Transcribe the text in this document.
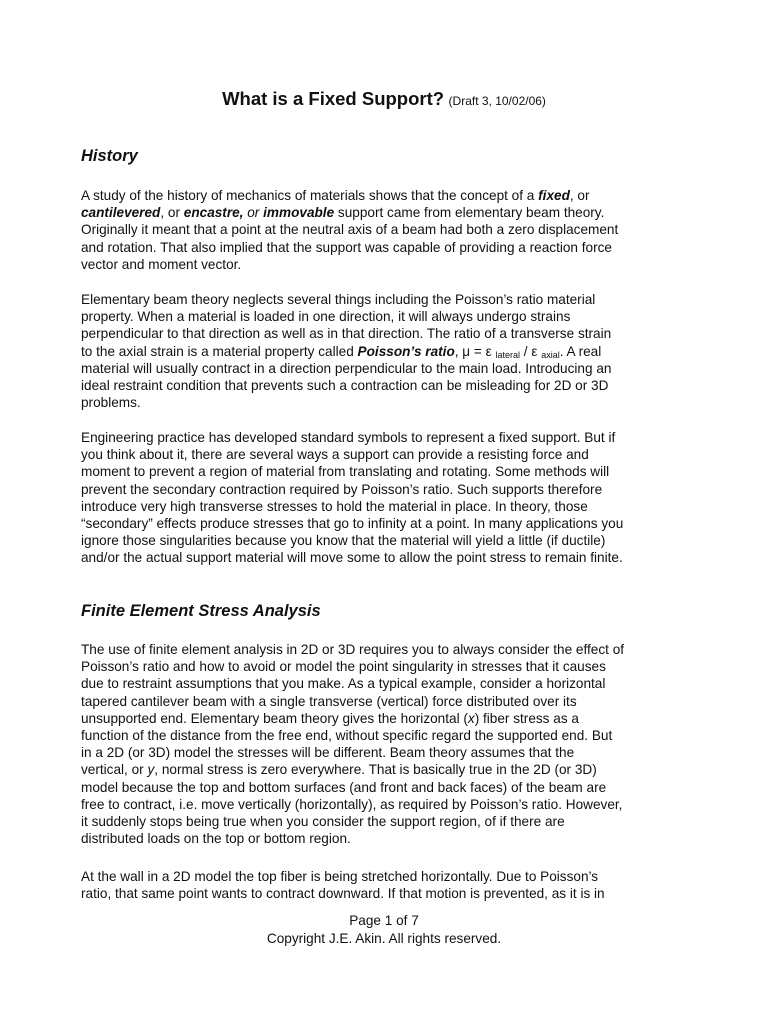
What is a Fixed Support? (Draft 3, 10/02/06)
History
A study of the history of mechanics of materials shows that the concept of a fixed, or
cantilevered, or encastre, or immovable support came from elementary beam theory.
Originally it meant that a point at the neutral axis of a beam had both a zero displacement
and rotation. That also implied that the support was capable of providing a reaction force
vector and moment vector.
Elementary beam theory neglects several things including the Poisson’s ratio material
property. When a material is loaded in one direction, it will always undergo strains
perpendicular to that direction as well as in that direction. The ratio of a transverse strain
to the axial strain is a material property called Poisson’s ratio, μ = ε $_{lateral}$ / ε $_{axial}$. A real
material will usually contract in a direction perpendicular to the main load. Introducing an
ideal restraint condition that prevents such a contraction can be misleading for 2D or 3D
problems.
Engineering practice has developed standard symbols to represent a fixed support. But if
you think about it, there are several ways a support can provide a resisting force and
moment to prevent a region of material from translating and rotating. Some methods will
prevent the secondary contraction required by Poisson’s ratio. Such supports therefore
introduce very high transverse stresses to hold the material in place. In theory, those
“secondary” effects produce stresses that go to infinity at a point. In many applications you
ignore those singularities because you know that the material will yield a little (if ductile)
and/or the actual support material will move some to allow the point stress to remain finite.
Finite Element Stress Analysis
The use of finite element analysis in 2D or 3D requires you to always consider the effect of
Poisson’s ratio and how to avoid or model the point singularity in stresses that it causes
due to restraint assumptions that you make. As a typical example, consider a horizontal
tapered cantilever beam with a single transverse (vertical) force distributed over its
unsupported end. Elementary beam theory gives the horizontal (x) fiber stress as a
function of the distance from the free end, without specific regard the supported end. But
in a 2D (or 3D) model the stresses will be different. Beam theory assumes that the
vertical, or y, normal stress is zero everywhere. That is basically true in the 2D (or 3D)
model because the top and bottom surfaces (and front and back faces) of the beam are
free to contract, i.e. move vertically (horizontally), as required by Poisson’s ratio. However,
it suddenly stops being true when you consider the support region, of if there are
distributed loads on the top or bottom region.
At the wall in a 2D model the top fiber is being stretched horizontally. Due to Poisson’s
ratio, that same point wants to contract downward. If that motion is prevented, as it is in
Page 1 of 7
Copyright J.E. Akin. All rights reserved.
